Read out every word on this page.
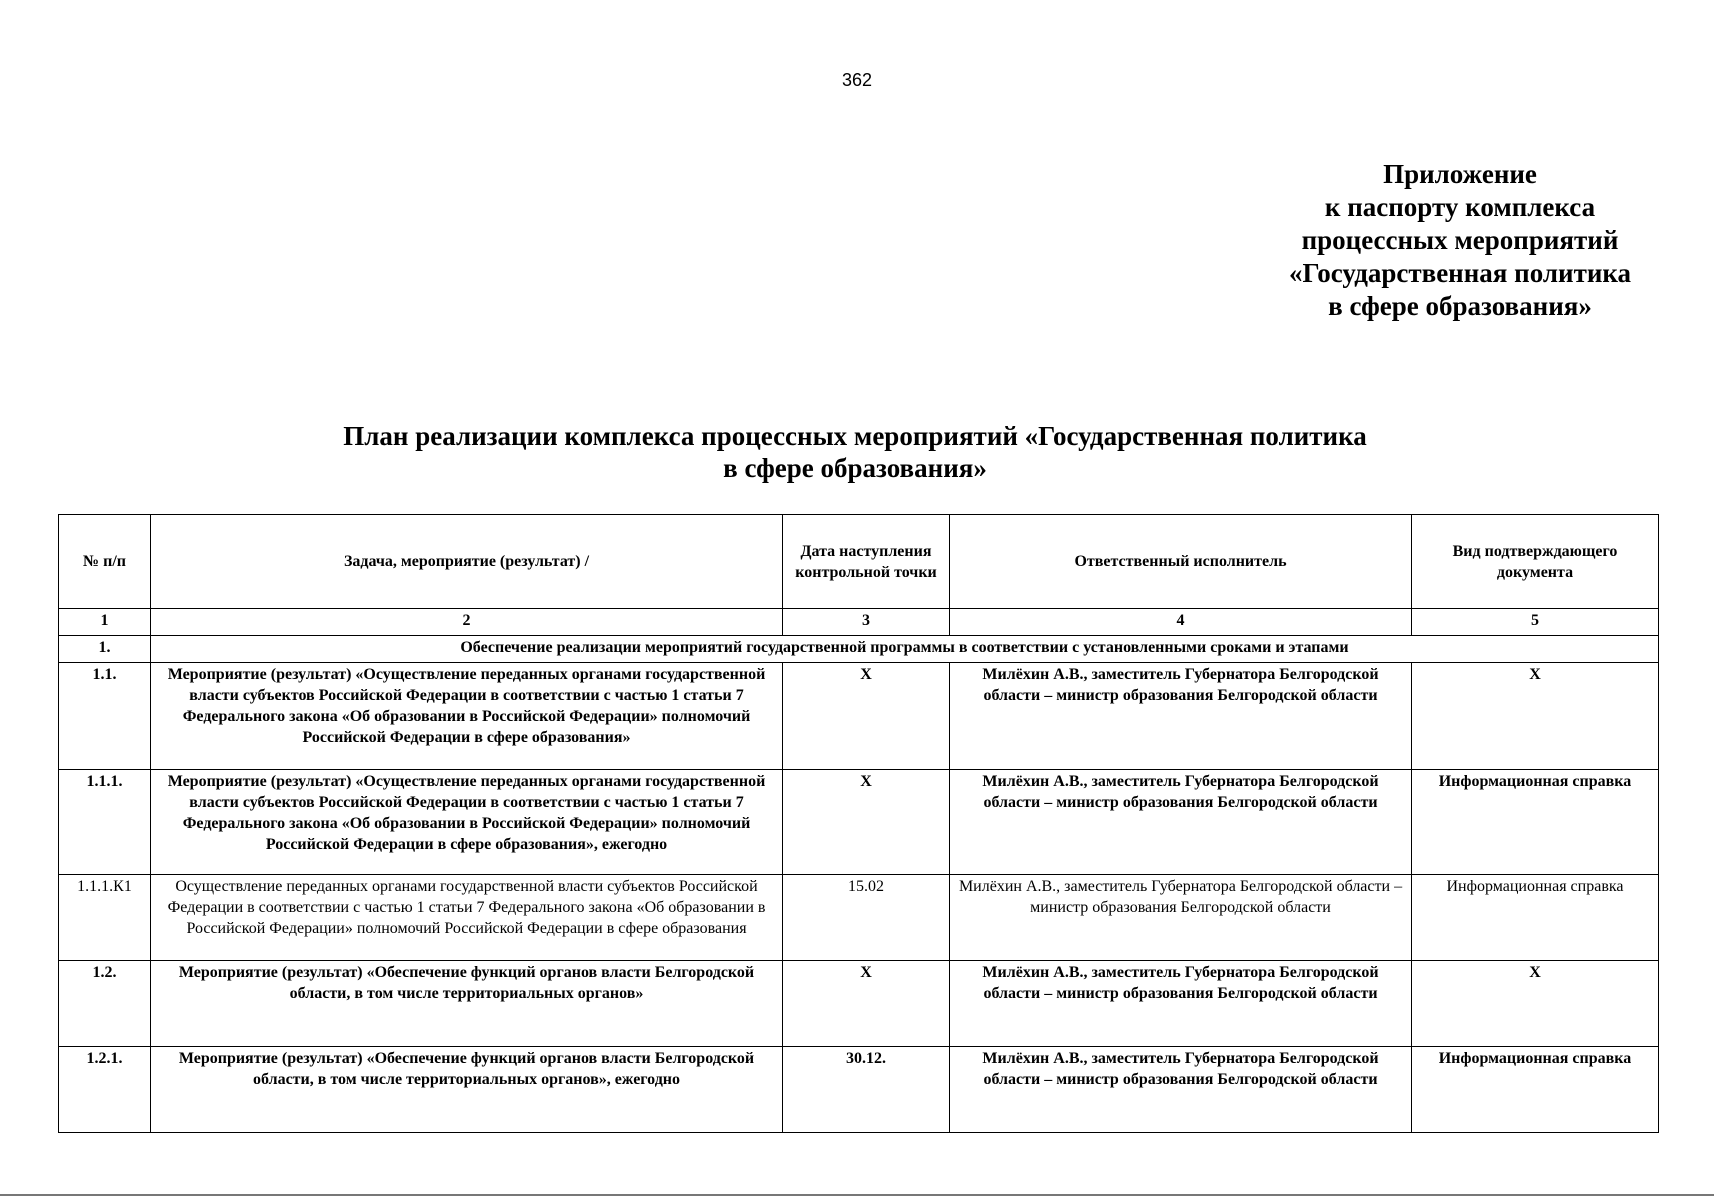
362
Приложение
к паспорту комплекса
процессных мероприятий
«Государственная политика
в сфере образования»
План реализации комплекса процессных мероприятий «Государственная политика
в сфере образования»
№ п/п	Задача, мероприятие (результат) /	Дата наступления контрольной точки	Ответственный исполнитель	Вид подтверждающего документа
1	2	3	4	5
1.	Обеспечение реализации мероприятий государственной программы в соответствии с установленными сроками и этапами			
1.1.	Мероприятие (результат) «Осуществление переданных органами государственной власти субъектов Российской Федерации в соответствии с частью 1 статьи 7 Федерального закона «Об образовании в Российской Федерации» полномочий Российской Федерации в сфере образования»	Х	Милёхин А.В., заместитель Губернатора Белгородской области – министр образования Белгородской области	Х
1.1.1.	Мероприятие (результат) «Осуществление переданных органами государственной власти субъектов Российской Федерации в соответствии с частью 1 статьи 7 Федерального закона «Об образовании в Российской Федерации» полномочий Российской Федерации в сфере образования», ежегодно	Х	Милёхин А.В., заместитель Губернатора Белгородской области – министр образования Белгородской области	Информационная справка
1.1.1.К1	Осуществление переданных органами государственной власти субъектов Российской Федерации в соответствии с частью 1 статьи 7 Федерального закона «Об образовании в Российской Федерации» полномочий Российской Федерации в сфере образования	15.02	Милёхин А.В., заместитель Губернатора Белгородской области – министр образования Белгородской области	Информационная справка
1.2.	Мероприятие (результат) «Обеспечение функций органов власти Белгородской области, в том числе территориальных органов»	Х	Милёхин А.В., заместитель Губернатора Белгородской области – министр образования Белгородской области	Х
1.2.1.	Мероприятие (результат) «Обеспечение функций органов власти Белгородской области, в том числе территориальных органов», ежегодно	30.12.	Милёхин А.В., заместитель Губернатора Белгородской области – министр образования Белгородской области	Информационная справка
